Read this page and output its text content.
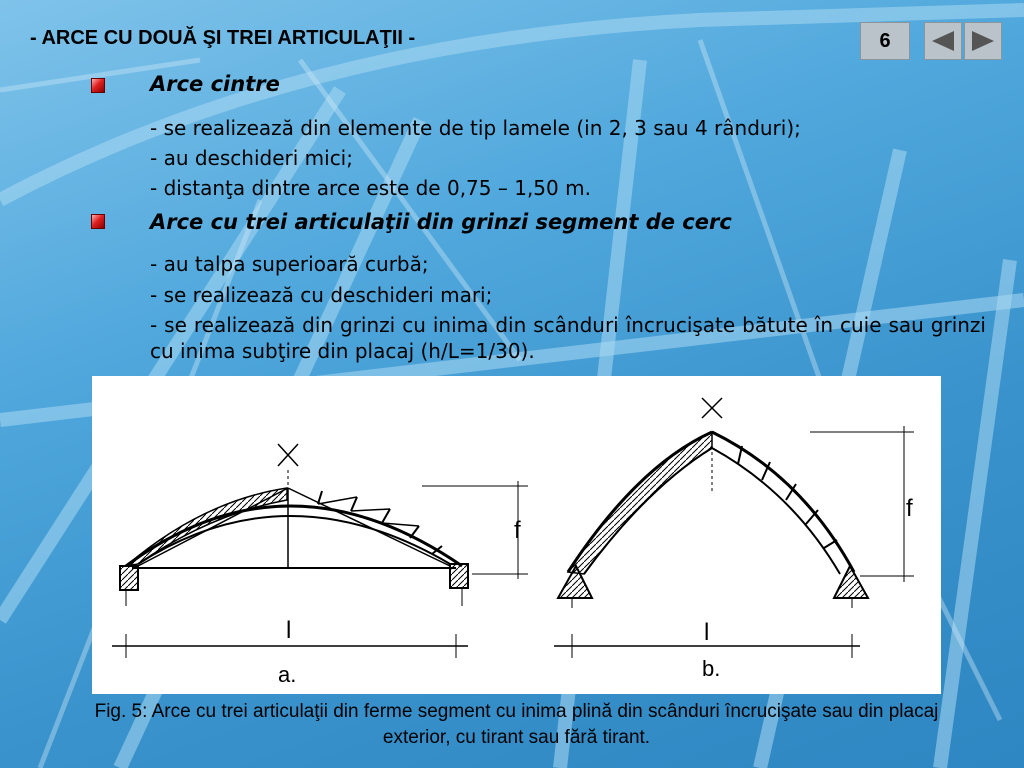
- ARCE CU DOUĂ ŞI TREI ARTICULAŢII -	6
Arce cintre
- se realizează din elemente de tip lamele (in 2, 3 sau 4 rânduri);
- au deschideri mici;
- distanţa dintre arce este de 0,75 – 1,50 m.
Arce cu trei articulaţii din grinzi segment de cerc
- au talpa superioară curbă;
- se realizează cu deschideri mari;
- se realizează din grinzi cu inima din scânduri încrucişate bătute în cuie sau grinzi cu inima subţire din placaj (h/L=1/30).
f
l
a.
f
l
b.
Fig. 5: Arce cu trei articulaţii din ferme segment cu inima plină din scânduri încrucişate sau din placaj exterior, cu tirant sau fără tirant.
